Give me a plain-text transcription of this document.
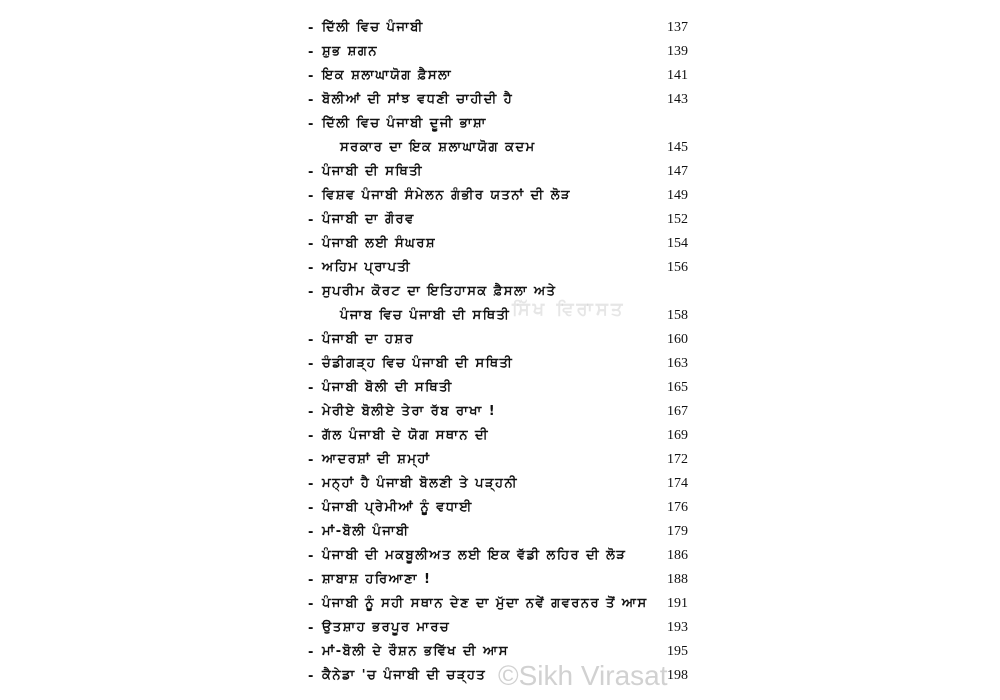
- ਦਿੱਲੀ ਵਿਚ ਪੰਜਾਬੀ	137
- ਸ਼ੁਭ ਸ਼ਗਨ	139
- ਇਕ ਸ਼ਲਾਘਾਯੋਗ ਫ਼ੈਸਲਾ	141
- ਬੋਲੀਆਂ ਦੀ ਸਾਂਝ ਵਧਣੀ ਚਾਹੀਦੀ ਹੈ	143
- ਦਿੱਲੀ ਵਿਚ ਪੰਜਾਬੀ ਦੂਜੀ ਭਾਸ਼ਾ
ਸਰਕਾਰ ਦਾ ਇਕ ਸ਼ਲਾਘਾਯੋਗ ਕਦਮ	145
- ਪੰਜਾਬੀ ਦੀ ਸਥਿਤੀ	147
- ਵਿਸ਼ਵ ਪੰਜਾਬੀ ਸੰਮੇਲਨ ਗੰਭੀਰ ਯਤਨਾਂ ਦੀ ਲੋੜ	149
- ਪੰਜਾਬੀ ਦਾ ਗੌਰਵ	152
- ਪੰਜਾਬੀ ਲਈ ਸੰਘਰਸ਼	154
- ਅਹਿਮ ਪ੍ਰਾਪਤੀ	156
- ਸੁਪਰੀਮ ਕੋਰਟ ਦਾ ਇਤਿਹਾਸਕ ਫ਼ੈਸਲਾ ਅਤੇ
ਪੰਜਾਬ ਵਿਚ ਪੰਜਾਬੀ ਦੀ ਸਥਿਤੀ	158
- ਪੰਜਾਬੀ ਦਾ ਹਸ਼ਰ	160
- ਚੰਡੀਗੜ੍ਹ ਵਿਚ ਪੰਜਾਬੀ ਦੀ ਸਥਿਤੀ	163
- ਪੰਜਾਬੀ ਬੋਲੀ ਦੀ ਸਥਿਤੀ	165
- ਮੇਰੀਏ ਬੋਲੀਏ ਤੇਰਾ ਰੱਬ ਰਾਖਾ !	167
- ਗੱਲ ਪੰਜਾਬੀ ਦੇ ਯੋਗ ਸਥਾਨ ਦੀ	169
- ਆਦਰਸ਼ਾਂ ਦੀ ਸ਼ਮ੍ਹਾਂ	172
- ਮਨ੍ਹਾਂ ਹੈ ਪੰਜਾਬੀ ਬੋਲਣੀ ਤੇ ਪੜ੍ਹਨੀ	174
- ਪੰਜਾਬੀ ਪ੍ਰੇਮੀਆਂ ਨੂੰ ਵਧਾਈ	176
- ਮਾਂ-ਬੋਲੀ ਪੰਜਾਬੀ	179
- ਪੰਜਾਬੀ ਦੀ ਮਕਬੂਲੀਅਤ ਲਈ ਇਕ ਵੱਡੀ ਲਹਿਰ ਦੀ ਲੋੜ	186
- ਸ਼ਾਬਾਸ਼ ਹਰਿਆਣਾ !	188
- ਪੰਜਾਬੀ ਨੂੰ ਸਹੀ ਸਥਾਨ ਦੇਣ ਦਾ ਮੁੱਦਾ ਨਵੇਂ ਗਵਰਨਰ ਤੋਂ ਆਸ 191
- ਉਤਸ਼ਾਹ ਭਰਪੂਰ ਮਾਰਚ	193
- ਮਾਂ-ਬੋਲੀ ਦੇ ਰੌਸ਼ਨ ਭਵਿੱਖ ਦੀ ਆਸ	195
- ਕੈਨੇਡਾ 'ਚ ਪੰਜਾਬੀ ਦੀ ਚੜ੍ਹਤ	198
ਸਿੱਖ ਵਿਰਾਸਤ
©Sikh Virasat
